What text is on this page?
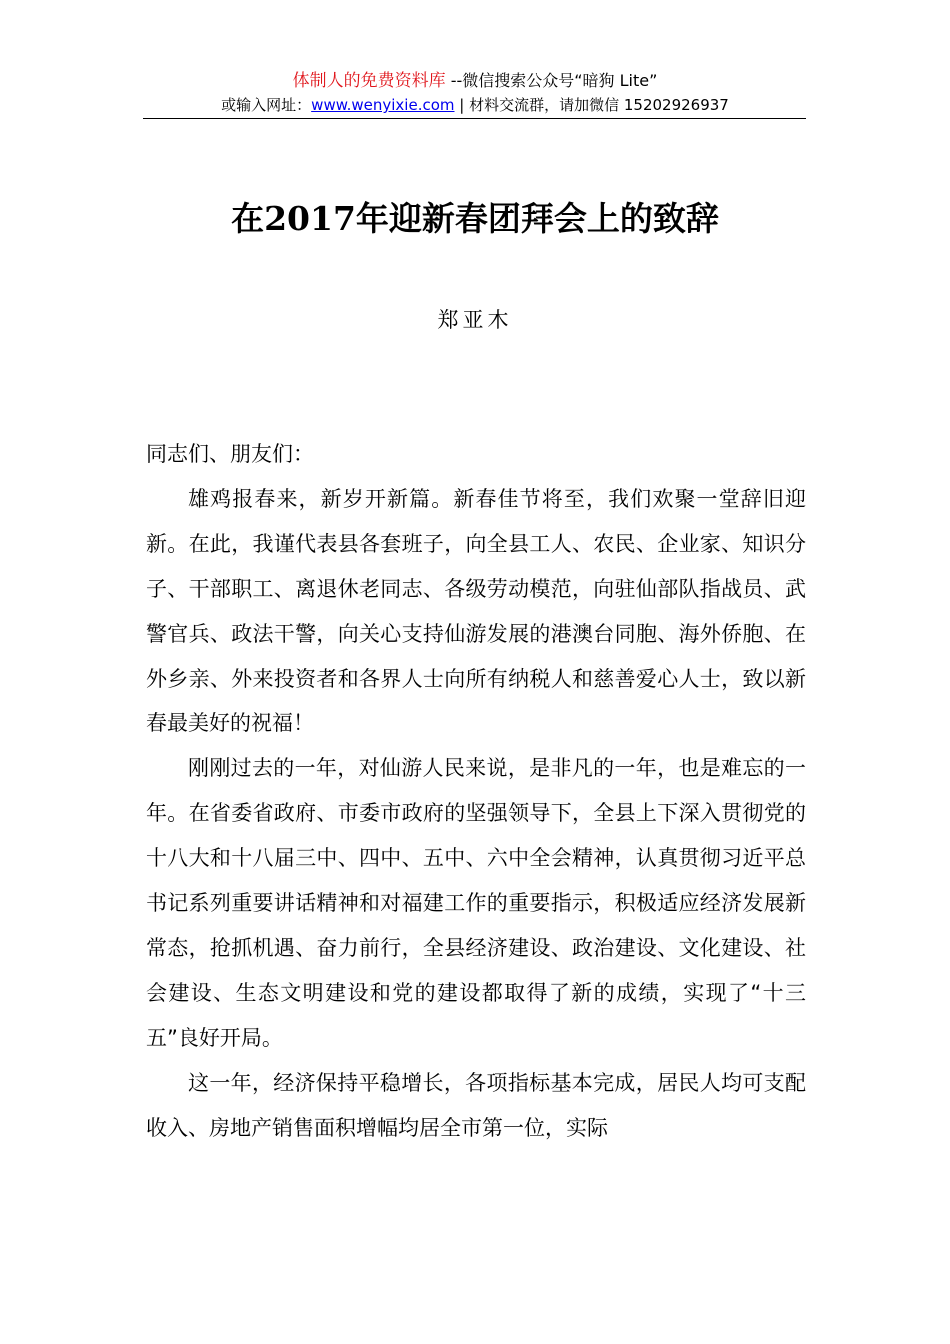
体制人的免费资料库 --微信搜索公众号“暗狗 Lite”
或输入网址：www.wenyixie.com | 材料交流群，请加微信 15202926937
在2017年迎新春团拜会上的致辞
郑亚木

同志们、朋友们：

雄鸡报春来，新岁开新篇。新春佳节将至，我们欢聚一堂辞旧迎新。在此，我谨代表县各套班子，向全县工人、农民、企业家、知识分子、干部职工、离退休老同志、各级劳动模范，向驻仙部队指战员、武警官兵、政法干警，向关心支持仙游发展的港澳台同胞、海外侨胞、在外乡亲、外来投资者和各界人士向所有纳税人和慈善爱心人士，致以新春最美好的祝福！

刚刚过去的一年，对仙游人民来说，是非凡的一年，也是难忘的一年。在省委省政府、市委市政府的坚强领导下，全县上下深入贯彻党的十八大和十八届三中、四中、五中、六中全会精神，认真贯彻习近平总书记系列重要讲话精神和对福建工作的重要指示，积极适应经济发展新常态，抢抓机遇、奋力前行，全县经济建设、政治建设、文化建设、社会建设、生态文明建设和党的建设都取得了新的成绩，实现了“十三五”良好开局。

这一年，经济保持平稳增长，各项指标基本完成，居民人均可支配收入、房地产销售面积增幅均居全市第一位，实际
